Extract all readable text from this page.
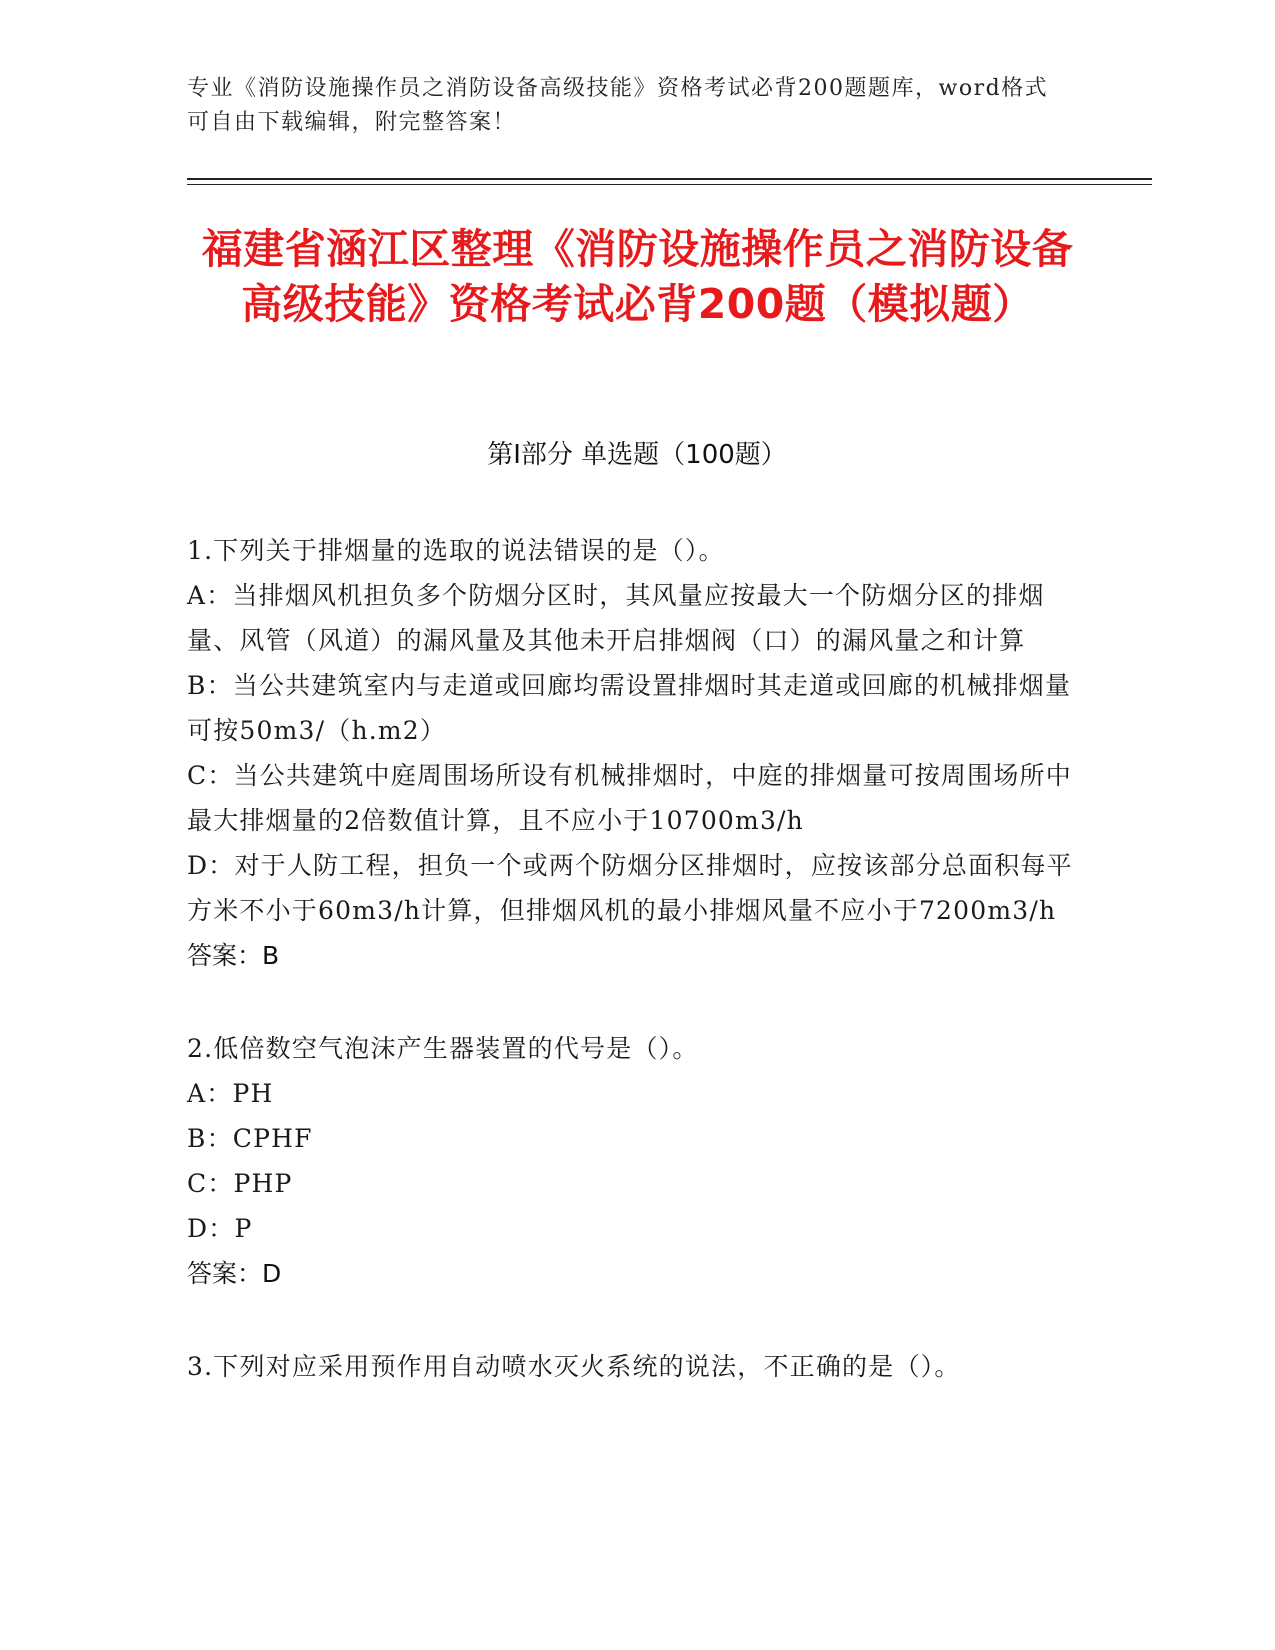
专业《消防设施操作员之消防设备高级技能》资格考试必背200题题库，word格式可自由下载编辑，附完整答案！
福建省涵江区整理《消防设施操作员之消防设备高级技能》资格考试必背200题（模拟题）
第I部分 单选题（100题）

1.下列关于排烟量的选取的说法错误的是（）。

A：当排烟风机担负多个防烟分区时，其风量应按最大一个防烟分区的排烟量、风管（风道）的漏风量及其他未开启排烟阀（口）的漏风量之和计算

B：当公共建筑室内与走道或回廊均需设置排烟时其走道或回廊的机械排烟量可按50m3/（h.m2）

C：当公共建筑中庭周围场所设有机械排烟时，中庭的排烟量可按周围场所中最大排烟量的2倍数值计算，且不应小于10700m3/h

D：对于人防工程，担负一个或两个防烟分区排烟时，应按该部分总面积每平方米不小于60m3/h计算，但排烟风机的最小排烟风量不应小于7200m3/h

答案：B

2.低倍数空气泡沫产生器装置的代号是（）。

A：PH

B：CPHF

C：PHP

D：P

答案：D

3.下列对应采用预作用自动喷水灭火系统的说法，不正确的是（）。
